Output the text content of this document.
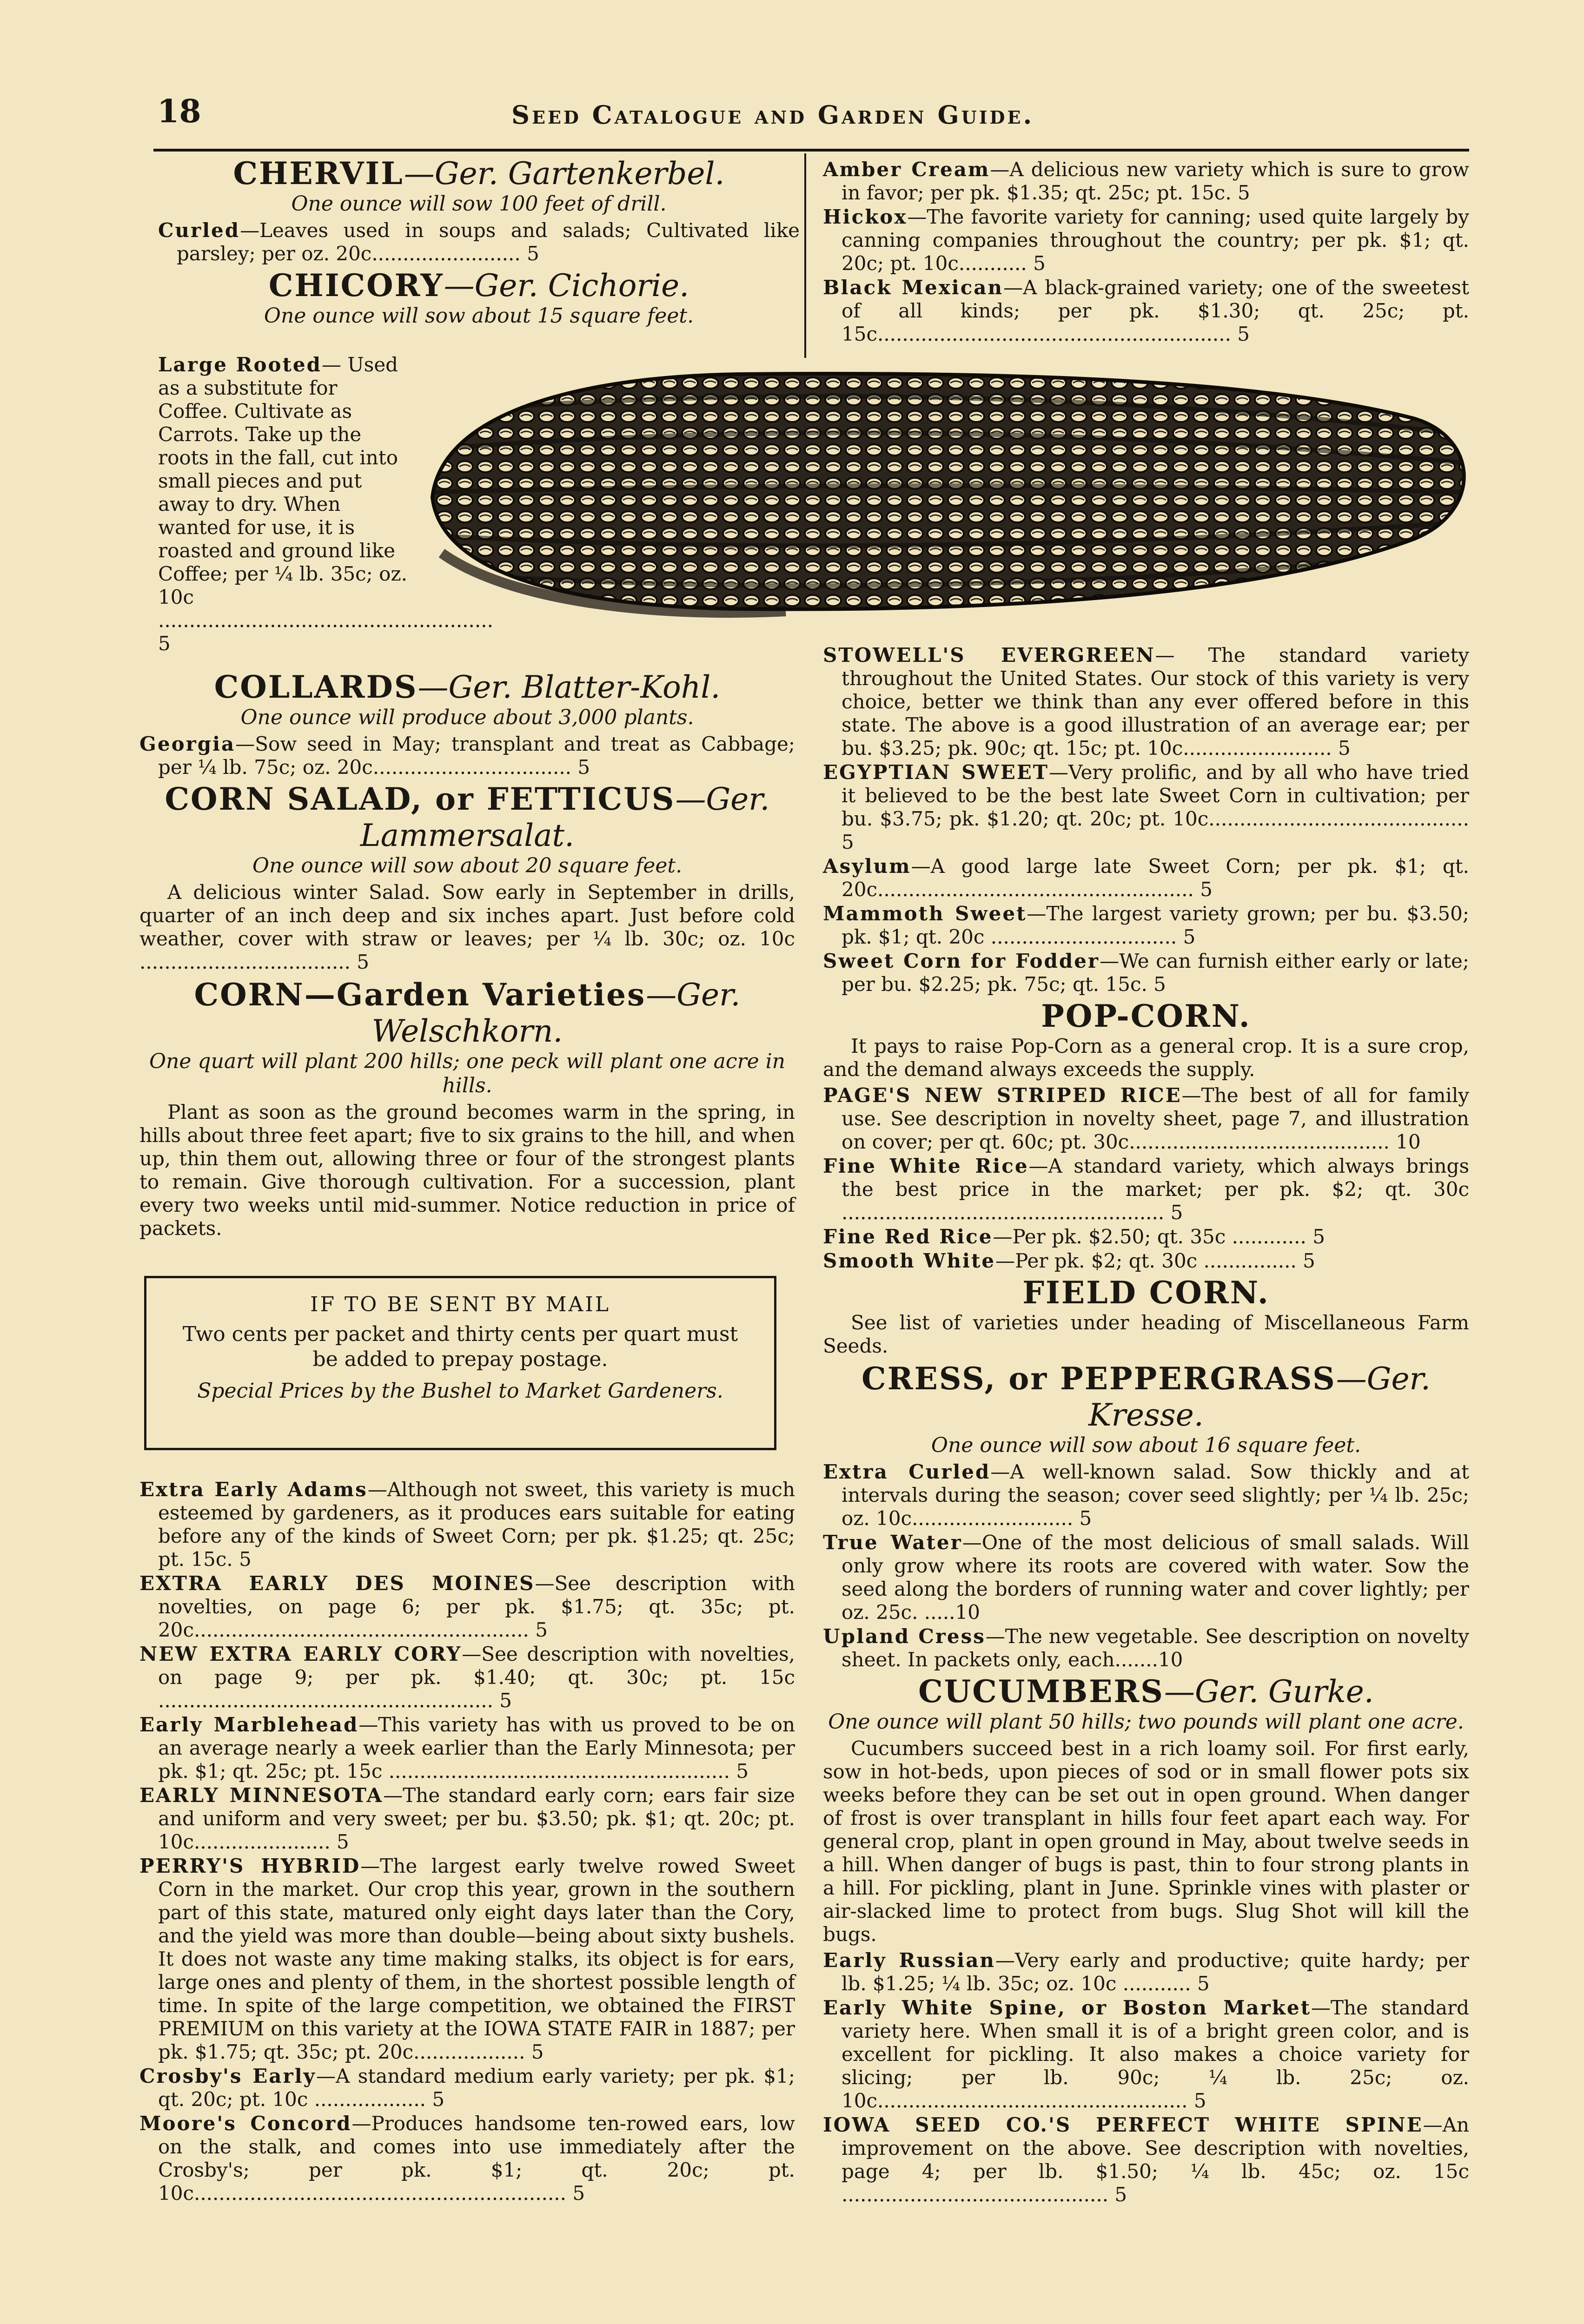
18	Seed Catalogue and Garden Guide.
CHERVIL—Ger. Gartenkerbel.
One ounce will sow 100 feet of drill.
Curled—Leaves used in soups and salads; Cultivated like parsley; per oz. 20c........................ 5
CHICORY—Ger. Cichorie.
One ounce will sow about 15 square feet.
Large Rooted— Used as a substitute for Coffee. Cultivate as Carrots. Take up the roots in the fall, cut into small pieces and put away to dry. When wanted for use, it is roasted and ground like Coffee; per ¼ lb. 35c; oz. 10c ...................................................... 5
COLLARDS—Ger. Blatter-Kohl.
One ounce will produce about 3,000 plants.
Georgia—Sow seed in May; transplant and treat as Cabbage; per ¼ lb. 75c; oz. 20c................................ 5
CORN SALAD, or FETTICUS—Ger. Lammersalat.
One ounce will sow about 20 square feet.
A delicious winter Salad. Sow early in September in drills, quarter of an inch deep and six inches apart. Just before cold weather, cover with straw or leaves; per ¼ lb. 30c; oz. 10c .................................. 5
CORN—Garden Varieties—Ger. Welschkorn.
One quart will plant 200 hills; one peck will plant one acre in hills.
Plant as soon as the ground becomes warm in the spring, in hills about three feet apart; five to six grains to the hill, and when up, thin them out, allowing three or four of the strongest plants to remain. Give thorough cultivation. For a succession, plant every two weeks until mid-summer. Notice reduction in price of packets.
IF TO BE SENT BY MAIL
Two cents per packet and thirty cents per quart must be added to prepay postage.
Special Prices by the Bushel to Market Gardeners.
Extra Early Adams—Although not sweet, this variety is much esteemed by gardeners, as it produces ears suitable for eating before any of the kinds of Sweet Corn; per pk. $1.25; qt. 25c; pt. 15c. 5
EXTRA EARLY DES MOINES—See description with novelties, on page 6; per pk. $1.75; qt. 35c; pt. 20c...................................................... 5
NEW EXTRA EARLY CORY—See description with novelties, on page 9; per pk. $1.40; qt. 30c; pt. 15c ...................................................... 5
Early Marblehead—This variety has with us proved to be on an average nearly a week earlier than the Early Minnesota; per pk. $1; qt. 25c; pt. 15c ....................................................... 5
EARLY MINNESOTA—The standard early corn; ears fair size and uniform and very sweet; per bu. $3.50; pk. $1; qt. 20c; pt. 10c...................... 5
PERRY'S HYBRID—The largest early twelve rowed Sweet Corn in the market. Our crop this year, grown in the southern part of this state, matured only eight days later than the Cory, and the yield was more than double—being about sixty bushels. It does not waste any time making stalks, its object is for ears, large ones and plenty of them, in the shortest possible length of time. In spite of the large competition, we obtained the FIRST PREMIUM on this variety at the IOWA STATE FAIR in 1887; per pk. $1.75; qt. 35c; pt. 20c.................. 5
Crosby's Early—A standard medium early variety; per pk. $1; qt. 20c; pt. 10c .................. 5
Moore's Concord—Produces handsome ten-rowed ears, low on the stalk, and comes into use immediately after the Crosby's; per pk. $1; qt. 20c; pt. 10c............................................................ 5
Amber Cream—A delicious new variety which is sure to grow in favor; per pk. $1.35; qt. 25c; pt. 15c. 5
Hickox—The favorite variety for canning; used quite largely by canning companies throughout the country; per pk. $1; qt. 20c; pt. 10c........... 5
Black Mexican—A black-grained variety; one of the sweetest of all kinds; per pk. $1.30; qt. 25c; pt. 15c......................................................... 5
STOWELL'S EVERGREEN— The standard variety throughout the United States. Our stock of this variety is very choice, better we think than any ever offered before in this state. The above is a good illustration of an average ear; per bu. $3.25; pk. 90c; qt. 15c; pt. 10c........................ 5
EGYPTIAN SWEET—Very prolific, and by all who have tried it believed to be the best late Sweet Corn in cultivation; per bu. $3.75; pk. $1.20; qt. 20c; pt. 10c.......................................... 5
Asylum—A good large late Sweet Corn; per pk. $1; qt. 20c................................................... 5
Mammoth Sweet—The largest variety grown; per bu. $3.50; pk. $1; qt. 20c .............................. 5
Sweet Corn for Fodder—We can furnish either early or late; per bu. $2.25; pk. 75c; qt. 15c. 5
POP-CORN.
It pays to raise Pop-Corn as a general crop. It is a sure crop, and the demand always exceeds the supply.
PAGE'S NEW STRIPED RICE—The best of all for family use. See description in novelty sheet, page 7, and illustration on cover; per qt. 60c; pt. 30c.......................................... 10
Fine White Rice—A standard variety, which always brings the best price in the market; per pk. $2; qt. 30c .................................................... 5
Fine Red Rice—Per pk. $2.50; qt. 35c ............ 5
Smooth White—Per pk. $2; qt. 30c ............... 5
FIELD CORN.
See list of varieties under heading of Miscellaneous Farm Seeds.
CRESS, or PEPPERGRASS—Ger. Kresse.
One ounce will sow about 16 square feet.
Extra Curled—A well-known salad. Sow thickly and at intervals during the season; cover seed slightly; per ¼ lb. 25c; oz. 10c.......................... 5
True Water—One of the most delicious of small salads. Will only grow where its roots are covered with water. Sow the seed along the borders of running water and cover lightly; per oz. 25c. .....10
Upland Cress—The new vegetable. See description on novelty sheet. In packets only, each.......10
CUCUMBERS—Ger. Gurke.
One ounce will plant 50 hills; two pounds will plant one acre.
Cucumbers succeed best in a rich loamy soil. For first early, sow in hot-beds, upon pieces of sod or in small flower pots six weeks before they can be set out in open ground. When danger of frost is over transplant in hills four feet apart each way. For general crop, plant in open ground in May, about twelve seeds in a hill. When danger of bugs is past, thin to four strong plants in a hill. For pickling, plant in June. Sprinkle vines with plaster or air-slacked lime to protect from bugs. Slug Shot will kill the bugs.
Early Russian—Very early and productive; quite hardy; per lb. $1.25; ¼ lb. 35c; oz. 10c ........... 5
Early White Spine, or Boston Market—The standard variety here. When small it is of a bright green color, and is excellent for pickling. It also makes a choice variety for slicing; per lb. 90c; ¼ lb. 25c; oz. 10c.................................................. 5
IOWA SEED CO.'S PERFECT WHITE SPINE—An improvement on the above. See description with novelties, page 4; per lb. $1.50; ¼ lb. 45c; oz. 15c ........................................... 5
